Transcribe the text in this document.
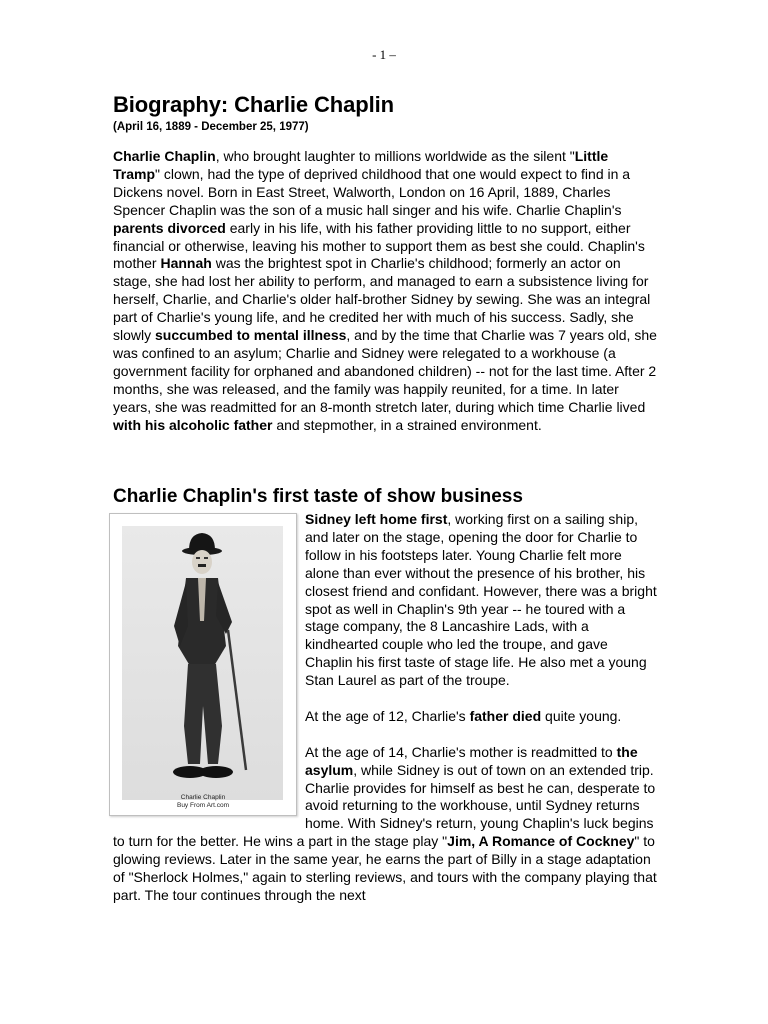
- 1 –
Biography: Charlie Chaplin
(April 16, 1889 - December 25, 1977)

Charlie Chaplin, who brought laughter to millions worldwide as the silent "Little Tramp" clown, had the type of deprived childhood that one would expect to find in a Dickens novel. Born in East Street, Walworth, London on 16 April, 1889, Charles Spencer Chaplin was the son of a music hall singer and his wife. Charlie Chaplin's parents divorced early in his life, with his father providing little to no support, either financial or otherwise, leaving his mother to support them as best she could. Chaplin's mother Hannah was the brightest spot in Charlie's childhood; formerly an actor on stage, she had lost her ability to perform, and managed to earn a subsistence living for herself, Charlie, and Charlie's older half-brother Sidney by sewing. She was an integral part of Charlie's young life, and he credited her with much of his success. Sadly, she slowly succumbed to mental illness, and by the time that Charlie was 7 years old, she was confined to an asylum; Charlie and Sidney were relegated to a workhouse (a government facility for orphaned and abandoned children) -- not for the last time. After 2 months, she was released, and the family was happily reunited, for a time. In later years, she was readmitted for an 8-month stretch later, during which time Charlie lived with his alcoholic father and stepmother, in a strained environment.

Charlie Chaplin's first taste of show business
Charlie Chaplin
Buy From Art.com

Sidney left home first, working first on a sailing ship, and later on the stage, opening the door for Charlie to follow in his footsteps later. Young Charlie felt more alone than ever without the presence of his brother, his closest friend and confidant. However, there was a bright spot as well in Chaplin's 9th year -- he toured with a stage company, the 8 Lancashire Lads, with a kindhearted couple who led the troupe, and gave Chaplin his first taste of stage life. He also met a young Stan Laurel as part of the troupe.

At the age of 12, Charlie's father died quite young.

At the age of 14, Charlie's mother is readmitted to the asylum, while Sidney is out of town on an extended trip. Charlie provides for himself as best he can, desperate to avoid returning to the workhouse, until Sydney returns home. With Sidney's return, young Chaplin's luck begins to turn for the better. He wins a part in the stage play "Jim, A Romance of Cockney" to glowing reviews. Later in the same year, he earns the part of Billy in a stage adaptation of "Sherlock Holmes," again to sterling reviews, and tours with the company playing that part. The tour continues through the next
